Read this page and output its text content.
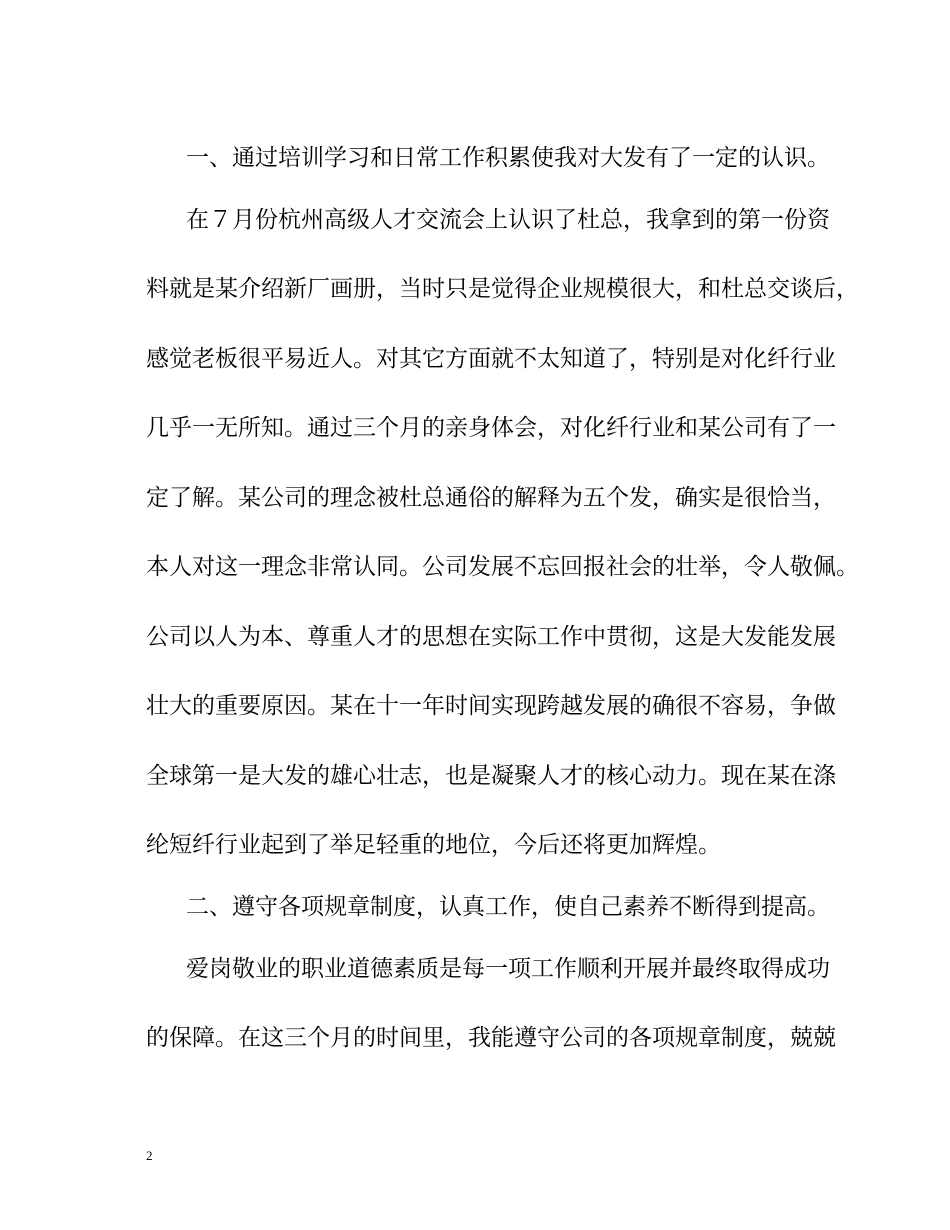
一、通过培训学习和日常工作积累使我对大发有了一定的认识。
在７月份杭州高级人才交流会上认识了杜总，我拿到的第一份资
料就是某介绍新厂画册，当时只是觉得企业规模很大，和杜总交谈后，
感觉老板很平易近人。对其它方面就不太知道了，特别是对化纤行业
几乎一无所知。通过三个月的亲身体会，对化纤行业和某公司有了一
定了解。某公司的理念被杜总通俗的解释为五个发，确实是很恰当，
本人对这一理念非常认同。公司发展不忘回报社会的壮举，令人敬佩。
公司以人为本、尊重人才的思想在实际工作中贯彻，这是大发能发展
壮大的重要原因。某在十一年时间实现跨越发展的确很不容易，争做
全球第一是大发的雄心壮志，也是凝聚人才的核心动力。现在某在涤
纶短纤行业起到了举足轻重的地位，今后还将更加辉煌。
二、遵守各项规章制度，认真工作，使自己素养不断得到提高。
爱岗敬业的职业道德素质是每一项工作顺利开展并最终取得成功
的保障。在这三个月的时间里，我能遵守公司的各项规章制度，兢兢
2
